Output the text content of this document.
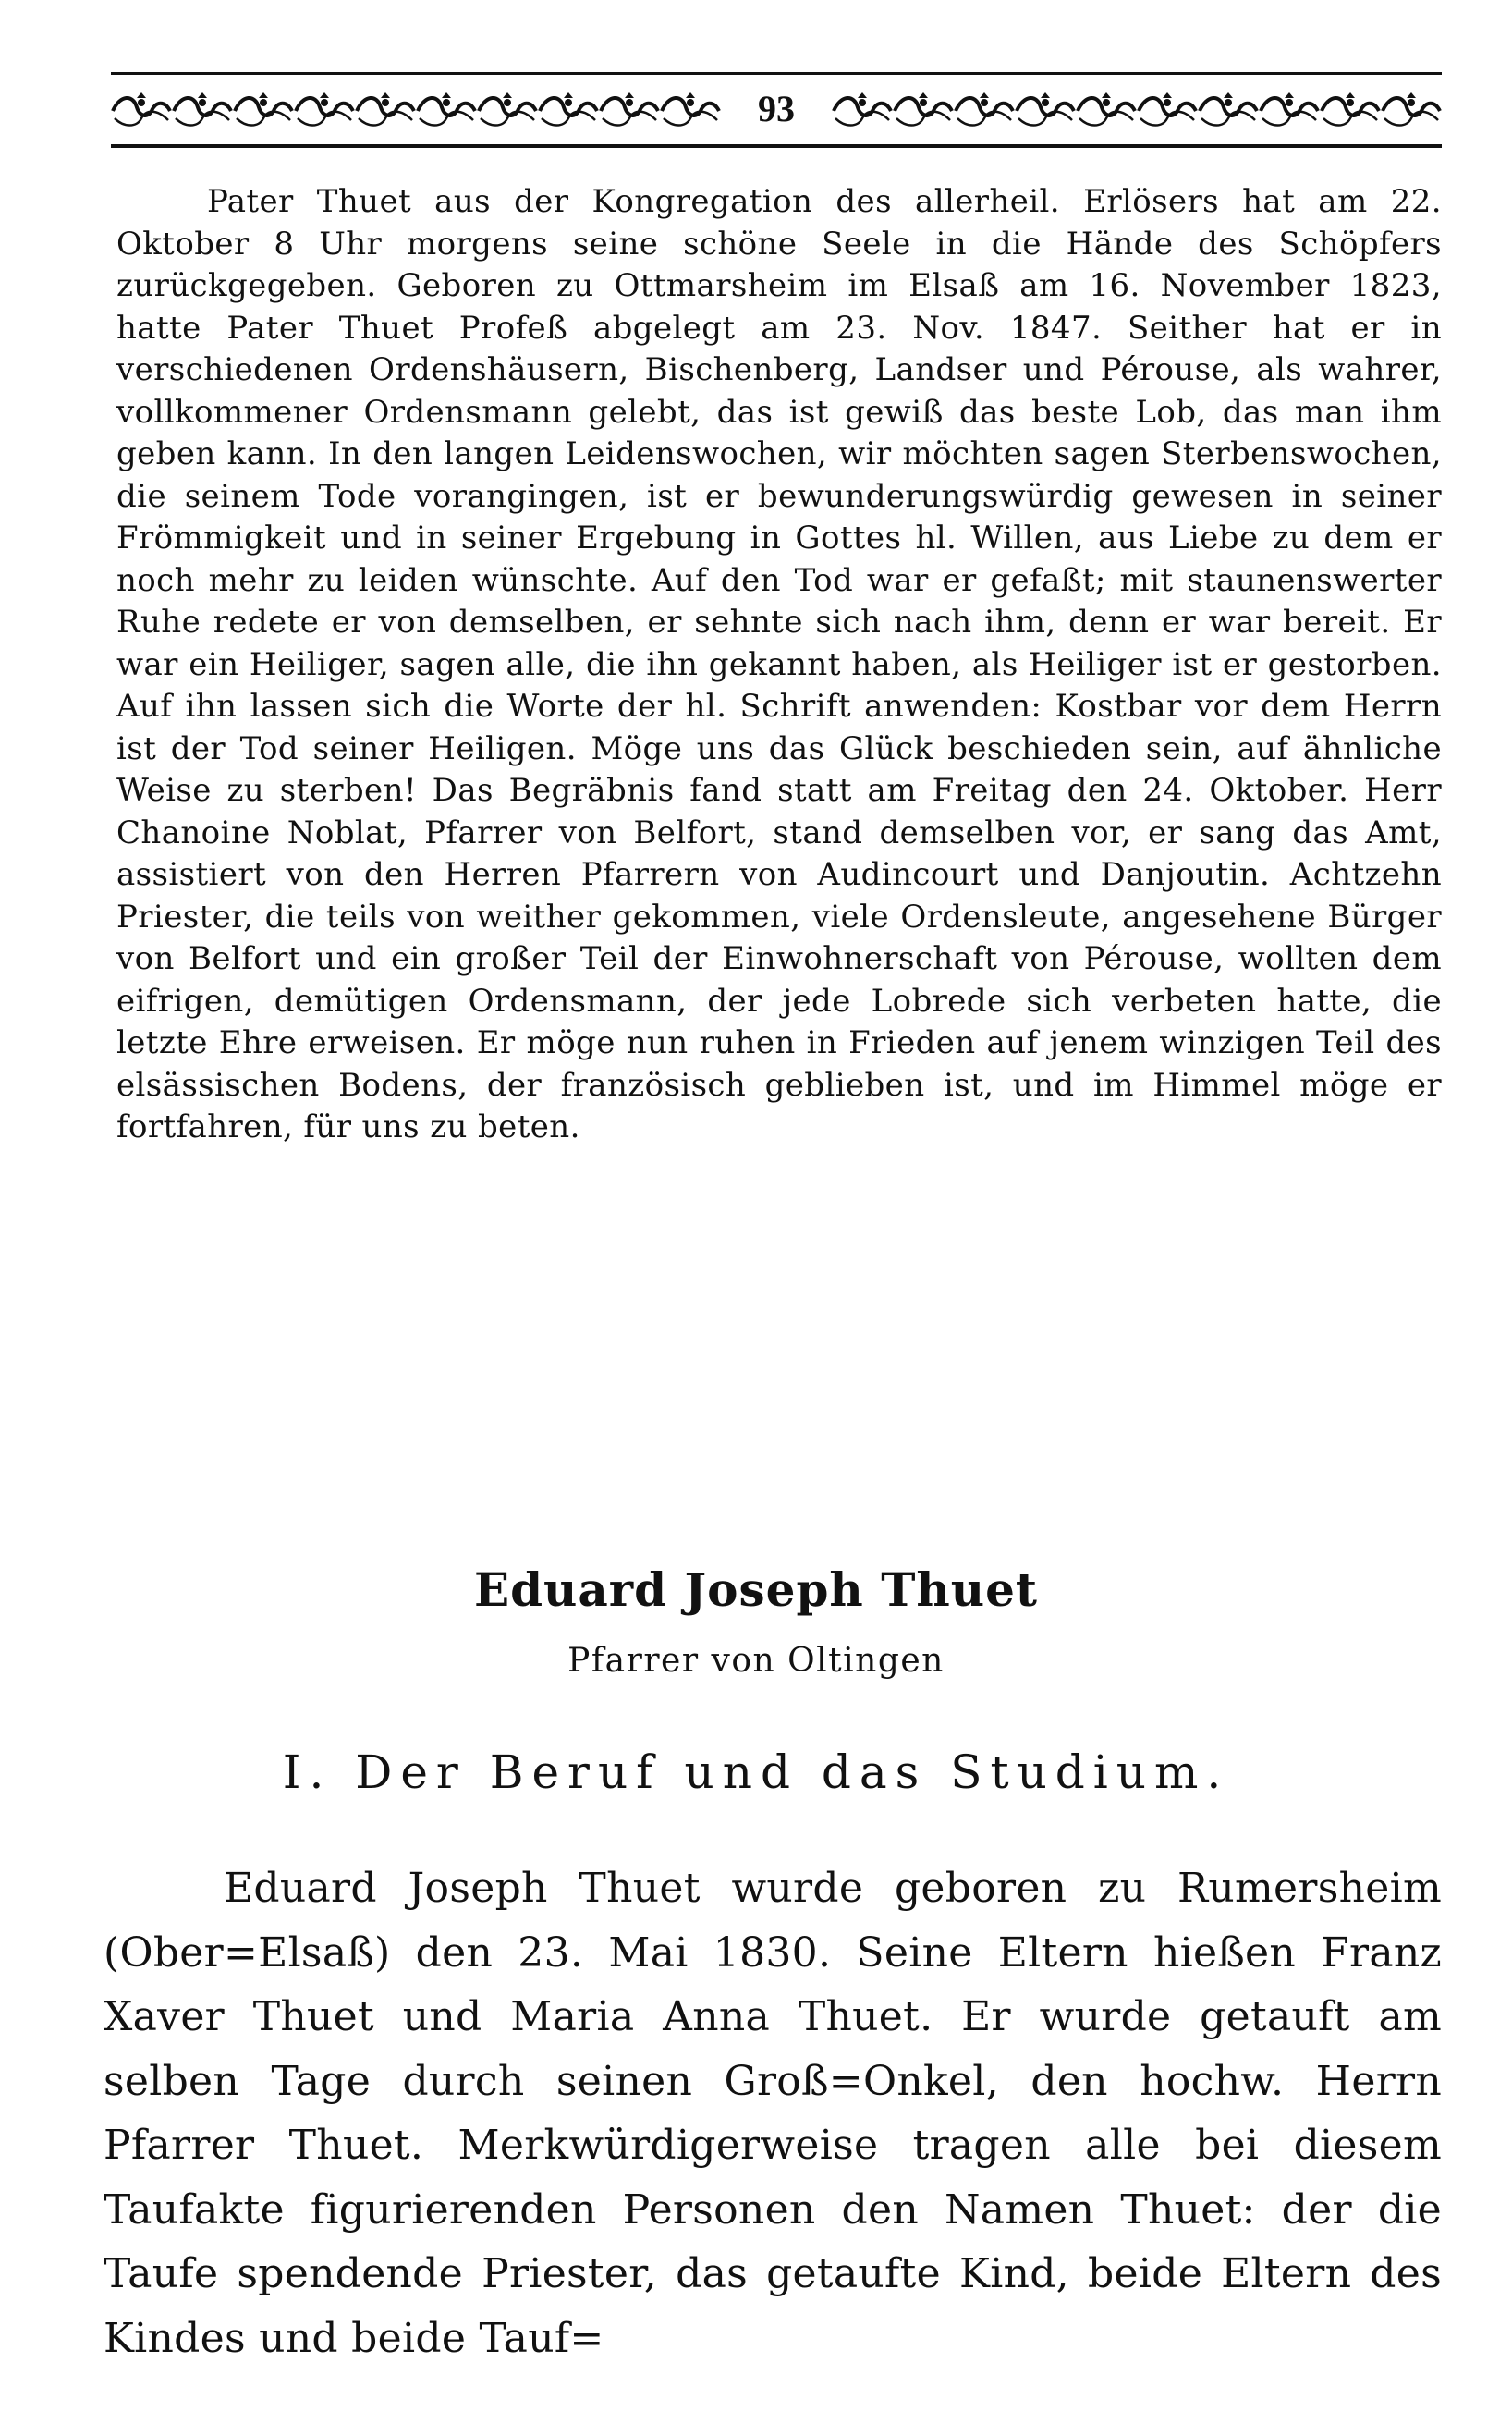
93

Pater Thuet aus der Kongregation des allerheil. Erlösers hat am 22. Oktober 8 Uhr morgens seine schöne Seele in die Hände des Schöpfers zurückgegeben. Geboren zu Ottmarsheim im Elsaß am 16. November 1823, hatte Pater Thuet Profeß abgelegt am 23. Nov. 1847. Seither hat er in verschiedenen Ordenshäusern, Bischenberg, Landser und Pérouse, als wahrer, vollkommener Ordensmann gelebt, das ist gewiß das beste Lob, das man ihm geben kann. In den langen Leidenswochen, wir möchten sagen Sterbenswochen, die seinem Tode vorangingen, ist er bewunderungswürdig gewesen in seiner Frömmigkeit und in seiner Ergebung in Gottes hl. Willen, aus Liebe zu dem er noch mehr zu leiden wünschte. Auf den Tod war er gefaßt; mit staunenswerter Ruhe redete er von demselben, er sehnte sich nach ihm, denn er war bereit. Er war ein Heiliger, sagen alle, die ihn gekannt haben, als Heiliger ist er gestorben. Auf ihn lassen sich die Worte der hl. Schrift anwenden: Kostbar vor dem Herrn ist der Tod seiner Heiligen. Möge uns das Glück beschieden sein, auf ähnliche Weise zu sterben! Das Begräbnis fand statt am Freitag den 24. Oktober. Herr Chanoine Noblat, Pfarrer von Belfort, stand demselben vor, er sang das Amt, assistiert von den Herren Pfarrern von Audincourt und Danjoutin. Achtzehn Priester, die teils von weither gekommen, viele Ordensleute, angesehene Bürger von Belfort und ein großer Teil der Einwohnerschaft von Pérouse, wollten dem eifrigen, demütigen Ordensmann, der jede Lobrede sich verbeten hatte, die letzte Ehre erweisen. Er möge nun ruhen in Frieden auf jenem winzigen Teil des elsässischen Bodens, der französisch geblieben ist, und im Himmel möge er fortfahren, für uns zu beten.

Eduard Joseph Thuet
Pfarrer von Oltingen
I. Der Beruf und das Studium.

Eduard Joseph Thuet wurde geboren zu Rumersheim (Ober=Elsaß) den 23. Mai 1830. Seine Eltern hießen Franz Xaver Thuet und Maria Anna Thuet. Er wurde getauft am selben Tage durch seinen Groß=Onkel, den hochw. Herrn Pfarrer Thuet. Merkwürdigerweise tragen alle bei diesem Taufakte figurierenden Personen den Namen Thuet: der die Taufe spendende Priester, das getaufte Kind, beide Eltern des Kindes und beide Tauf=
